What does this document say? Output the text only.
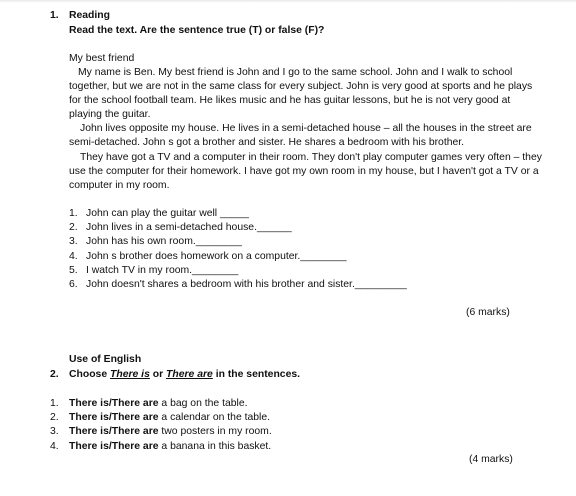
1. Reading
Read the text. Are the sentence true (T) or false (F)?
My best friend
My name is Ben. My best friend is John and I go to the same school. John and I walk to school together, but we are not in the same class for every subject. John is very good at sports and he plays for the school football team. He likes music and he has guitar lessons, but he is not very good at playing the guitar.
John lives opposite my house. He lives in a semi-detached house – all the houses in the street are semi-detached. John s got a brother and sister. He shares a bedroom with his brother.
They have got a TV and a computer in their room. They don't play computer games very often – they use the computer for their homework. I have got my own room in my house, but I haven't got a TV or a computer in my room.
1. John can play the guitar well _____
2. John lives in a semi-detached house.______
3. John has his own room.________
4. John s brother does homework on a computer.________
5. I watch TV in my room.________
6. John doesn't shares a bedroom with his brother and sister._________
(6 marks)
Use of English
2. Choose There is or There are in the sentences.
1. There is/There are a bag on the table.
2. There is/There are a calendar on the table.
3. There is/There are two posters in my room.
4. There is/There are a banana in this basket.
(4 marks)
